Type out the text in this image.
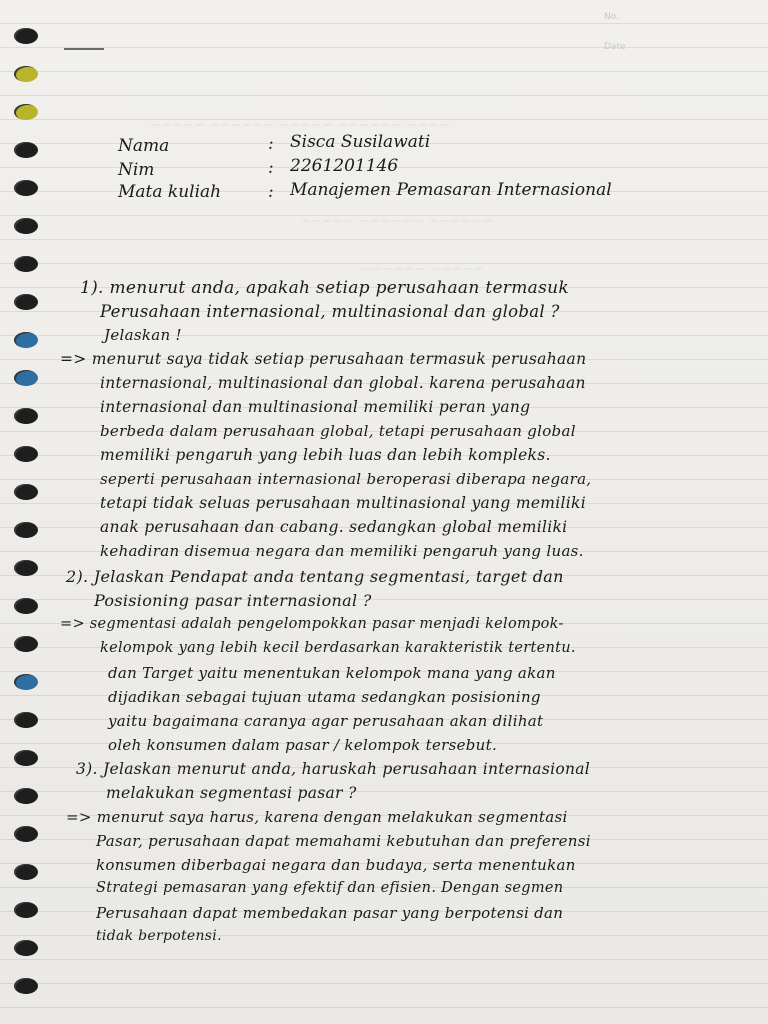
No.
Date
~~~~ ~~~~~~ ~~~~~ ~~~~~~ ~~~~~
~~~~~~ ~~~~~~ ~~~~~
~~~~~ ~~~~~~
Nama	: Sisca Susilawati
Nim	: 2261201146
Mata kuliah	: Manajemen Pemasaran Internasional
1). menurut anda, apakah setiap perusahaan termasuk
Perusahaan internasional, multinasional dan global ?
Jelaskan !
=> menurut saya tidak setiap perusahaan termasuk perusahaan
internasional, multinasional dan global. karena perusahaan
internasional dan multinasional memiliki peran yang
berbeda dalam perusahaan global, tetapi perusahaan global
memiliki pengaruh yang lebih luas dan lebih kompleks.
seperti perusahaan internasional beroperasi diberapa negara,
tetapi tidak seluas perusahaan multinasional yang memiliki
anak perusahaan dan cabang. sedangkan global memiliki
kehadiran disemua negara dan memiliki pengaruh yang luas.
2). Jelaskan Pendapat anda tentang segmentasi, target dan
Posisioning pasar internasional ?
=> segmentasi adalah pengelompokkan pasar menjadi kelompok-
kelompok yang lebih kecil berdasarkan karakteristik tertentu.
dan Target yaitu menentukan kelompok mana yang akan
dijadikan sebagai tujuan utama sedangkan posisioning
yaitu bagaimana caranya agar perusahaan akan dilihat
oleh konsumen dalam pasar / kelompok tersebut.
3). Jelaskan menurut anda, haruskah perusahaan internasional
melakukan segmentasi pasar ?
=> menurut saya harus, karena dengan melakukan segmentasi
Pasar, perusahaan dapat memahami kebutuhan dan preferensi
konsumen diberbagai negara dan budaya, serta menentukan
Strategi pemasaran yang efektif dan efisien. Dengan segmen
Perusahaan dapat membedakan pasar yang berpotensi dan
tidak berpotensi.
